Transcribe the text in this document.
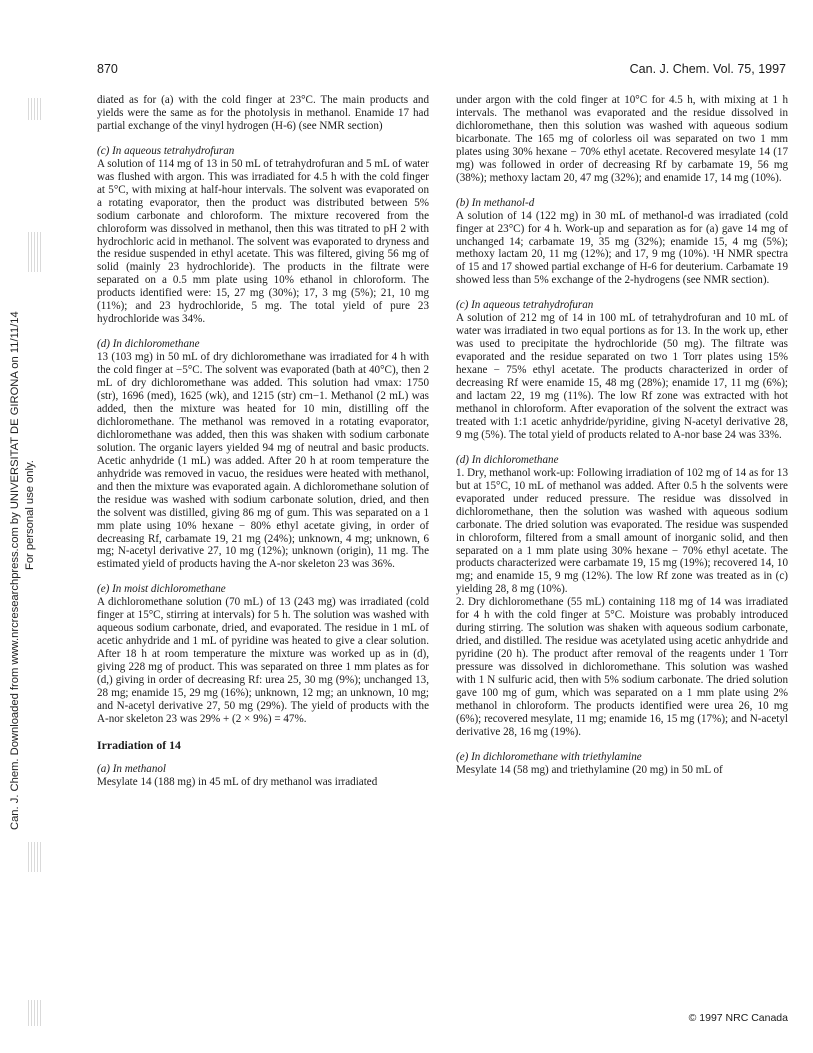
870	Can. J. Chem. Vol. 75, 1997
Can. J. Chem. Downloaded from www.nrcresearchpress.com by UNIVERSITAT DE GIRONA on 11/11/14 For personal use only.

diated as for (a) with the cold finger at 23°C. The main products and yields were the same as for the photolysis in methanol. Enamide 17 had partial exchange of the vinyl hydrogen (H-6) (see NMR section)

(c) In aqueous tetrahydrofuran

A solution of 114 mg of 13 in 50 mL of tetrahydrofuran and 5 mL of water was flushed with argon. This was irradiated for 4.5 h with the cold finger at 5°C, with mixing at half-hour intervals. The solvent was evaporated on a rotating evaporator, then the product was distributed between 5% sodium carbonate and chloroform. The mixture recovered from the chloroform was dissolved in methanol, then this was titrated to pH 2 with hydrochloric acid in methanol. The solvent was evaporated to dryness and the residue suspended in ethyl acetate. This was filtered, giving 56 mg of solid (mainly 23 hydrochloride). The products in the filtrate were separated on a 0.5 mm plate using 10% ethanol in chloroform. The products identified were: 15, 27 mg (30%); 17, 3 mg (5%); 21, 10 mg (11%); and 23 hydrochloride, 5 mg. The total yield of pure 23 hydrochloride was 34%.

(d) In dichloromethane

13 (103 mg) in 50 mL of dry dichloromethane was irradiated for 4 h with the cold finger at −5°C. The solvent was evaporated (bath at 40°C), then 2 mL of dry dichloromethane was added. This solution had νmax: 1750 (str), 1696 (med), 1625 (wk), and 1215 (str) cm−1. Methanol (2 mL) was added, then the mixture was heated for 10 min, distilling off the dichloromethane. The methanol was removed in a rotating evaporator, dichloromethane was added, then this was shaken with sodium carbonate solution. The organic layers yielded 94 mg of neutral and basic products. Acetic anhydride (1 mL) was added. After 20 h at room temperature the anhydride was removed in vacuo, the residues were heated with methanol, and then the mixture was evaporated again. A dichloromethane solution of the residue was washed with sodium carbonate solution, dried, and then the solvent was distilled, giving 86 mg of gum. This was separated on a 1 mm plate using 10% hexane − 80% ethyl acetate giving, in order of decreasing Rf, carbamate 19, 21 mg (24%); unknown, 4 mg; unknown, 6 mg; N-acetyl derivative 27, 10 mg (12%); unknown (origin), 11 mg. The estimated yield of products having the A-nor skeleton 23 was 36%.

(e) In moist dichloromethane

A dichloromethane solution (70 mL) of 13 (243 mg) was irradiated (cold finger at 15°C, stirring at intervals) for 5 h. The solution was washed with aqueous sodium carbonate, dried, and evaporated. The residue in 1 mL of acetic anhydride and 1 mL of pyridine was heated to give a clear solution. After 18 h at room temperature the mixture was worked up as in (d), giving 228 mg of product. This was separated on three 1 mm plates as for (d,) giving in order of decreasing Rf: urea 25, 30 mg (9%); unchanged 13, 28 mg; enamide 15, 29 mg (16%); unknown, 12 mg; an unknown, 10 mg; and N-acetyl derivative 27, 50 mg (29%). The yield of products with the A-nor skeleton 23 was 29% + (2 × 9%) = 47%.

Irradiation of 14

(a) In methanol

Mesylate 14 (188 mg) in 45 mL of dry methanol was irradiated

under argon with the cold finger at 10°C for 4.5 h, with mixing at 1 h intervals. The methanol was evaporated and the residue dissolved in dichloromethane, then this solution was washed with aqueous sodium bicarbonate. The 165 mg of colorless oil was separated on two 1 mm plates using 30% hexane − 70% ethyl acetate. Recovered mesylate 14 (17 mg) was followed in order of decreasing Rf by carbamate 19, 56 mg (38%); methoxy lactam 20, 47 mg (32%); and enamide 17, 14 mg (10%).

(b) In methanol-d

A solution of 14 (122 mg) in 30 mL of methanol-d was irradiated (cold finger at 23°C) for 4 h. Work-up and separation as for (a) gave 14 mg of unchanged 14; carbamate 19, 35 mg (32%); enamide 15, 4 mg (5%); methoxy lactam 20, 11 mg (12%); and 17, 9 mg (10%). ¹H NMR spectra of 15 and 17 showed partial exchange of H-6 for deuterium. Carbamate 19 showed less than 5% exchange of the 2-hydrogens (see NMR section).

(c) In aqueous tetrahydrofuran

A solution of 212 mg of 14 in 100 mL of tetrahydrofuran and 10 mL of water was irradiated in two equal portions as for 13. In the work up, ether was used to precipitate the hydrochloride (50 mg). The filtrate was evaporated and the residue separated on two 1 Torr plates using 15% hexane − 75% ethyl acetate. The products characterized in order of decreasing Rf were enamide 15, 48 mg (28%); enamide 17, 11 mg (6%); and lactam 22, 19 mg (11%). The low Rf zone was extracted with hot methanol in chloroform. After evaporation of the solvent the extract was treated with 1:1 acetic anhydride/pyridine, giving N-acetyl derivative 28, 9 mg (5%). The total yield of products related to A-nor base 24 was 33%.

(d) In dichloromethane

1. Dry, methanol work-up: Following irradiation of 102 mg of 14 as for 13 but at 15°C, 10 mL of methanol was added. After 0.5 h the solvents were evaporated under reduced pressure. The residue was dissolved in dichloromethane, then the solution was washed with aqueous sodium carbonate. The dried solution was evaporated. The residue was suspended in chloroform, filtered from a small amount of inorganic solid, and then separated on a 1 mm plate using 30% hexane − 70% ethyl acetate. The products characterized were carbamate 19, 15 mg (19%); recovered 14, 10 mg; and enamide 15, 9 mg (12%). The low Rf zone was treated as in (c) yielding 28, 8 mg (10%).

2. Dry dichloromethane (55 mL) containing 118 mg of 14 was irradiated for 4 h with the cold finger at 5°C. Moisture was probably introduced during stirring. The solution was shaken with aqueous sodium carbonate, dried, and distilled. The residue was acetylated using acetic anhydride and pyridine (20 h). The product after removal of the reagents under 1 Torr pressure was dissolved in dichloromethane. This solution was washed with 1 N sulfuric acid, then with 5% sodium carbonate. The dried solution gave 100 mg of gum, which was separated on a 1 mm plate using 2% methanol in chloroform. The products identified were urea 26, 10 mg (6%); recovered mesylate, 11 mg; enamide 16, 15 mg (17%); and N-acetyl derivative 28, 16 mg (19%).

(e) In dichloromethane with triethylamine

Mesylate 14 (58 mg) and triethylamine (20 mg) in 50 mL of

© 1997 NRC Canada
